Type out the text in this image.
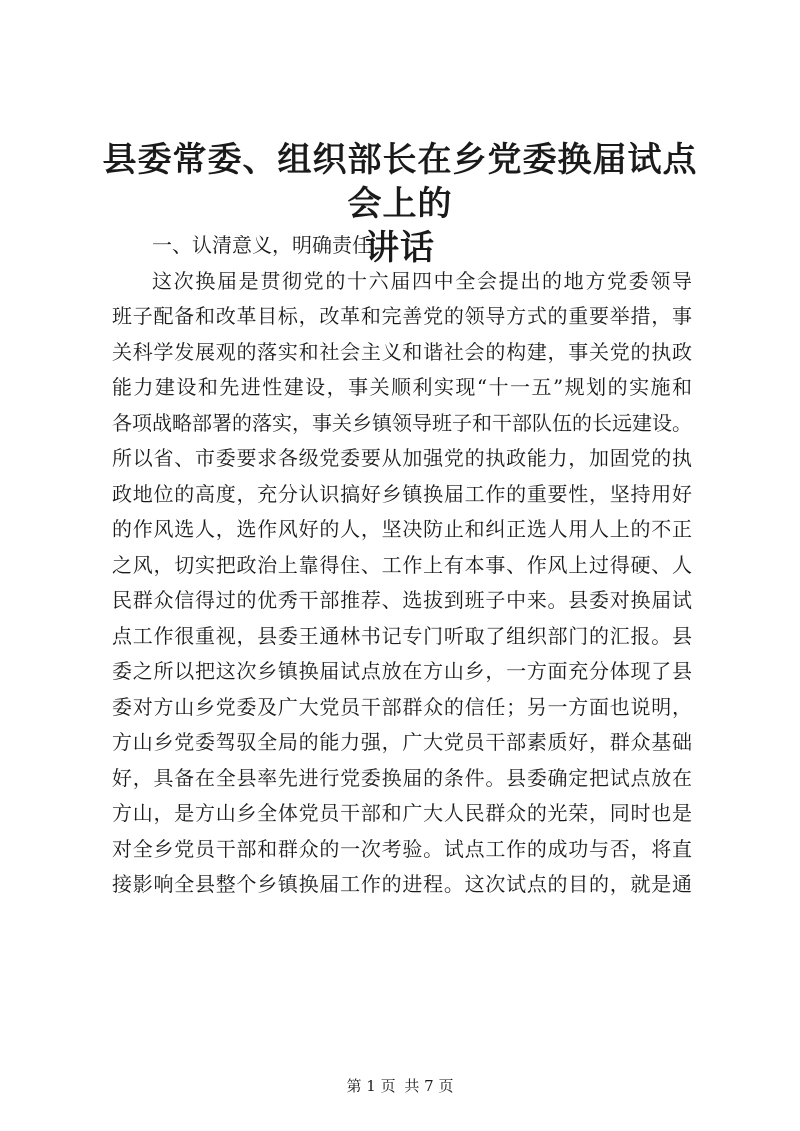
县委常委、组织部长在乡党委换届试点会上的
讲话
一、认清意义，明确责任
这次换届是贯彻党的十六届四中全会提出的地方党委领导
班子配备和改革目标，改革和完善党的领导方式的重要举措，事
关科学发展观的落实和社会主义和谐社会的构建，事关党的执政
能力建设和先进性建设，事关顺利实现“十一五”规划的实施和
各项战略部署的落实，事关乡镇领导班子和干部队伍的长远建设。
所以省、市委要求各级党委要从加强党的执政能力，加固党的执
政地位的高度，充分认识搞好乡镇换届工作的重要性，坚持用好
的作风选人，选作风好的人，坚决防止和纠正选人用人上的不正
之风，切实把政治上靠得住、工作上有本事、作风上过得硬、人
民群众信得过的优秀干部推荐、选拔到班子中来。县委对换届试
点工作很重视，县委王通林书记专门听取了组织部门的汇报。县
委之所以把这次乡镇换届试点放在方山乡，一方面充分体现了县
委对方山乡党委及广大党员干部群众的信任；另一方面也说明，
方山乡党委驾驭全局的能力强，广大党员干部素质好，群众基础
好，具备在全县率先进行党委换届的条件。县委确定把试点放在
方山，是方山乡全体党员干部和广大人民群众的光荣，同时也是
对全乡党员干部和群众的一次考验。试点工作的成功与否，将直
接影响全县整个乡镇换届工作的进程。这次试点的目的，就是通
第 1 页 共 7 页
